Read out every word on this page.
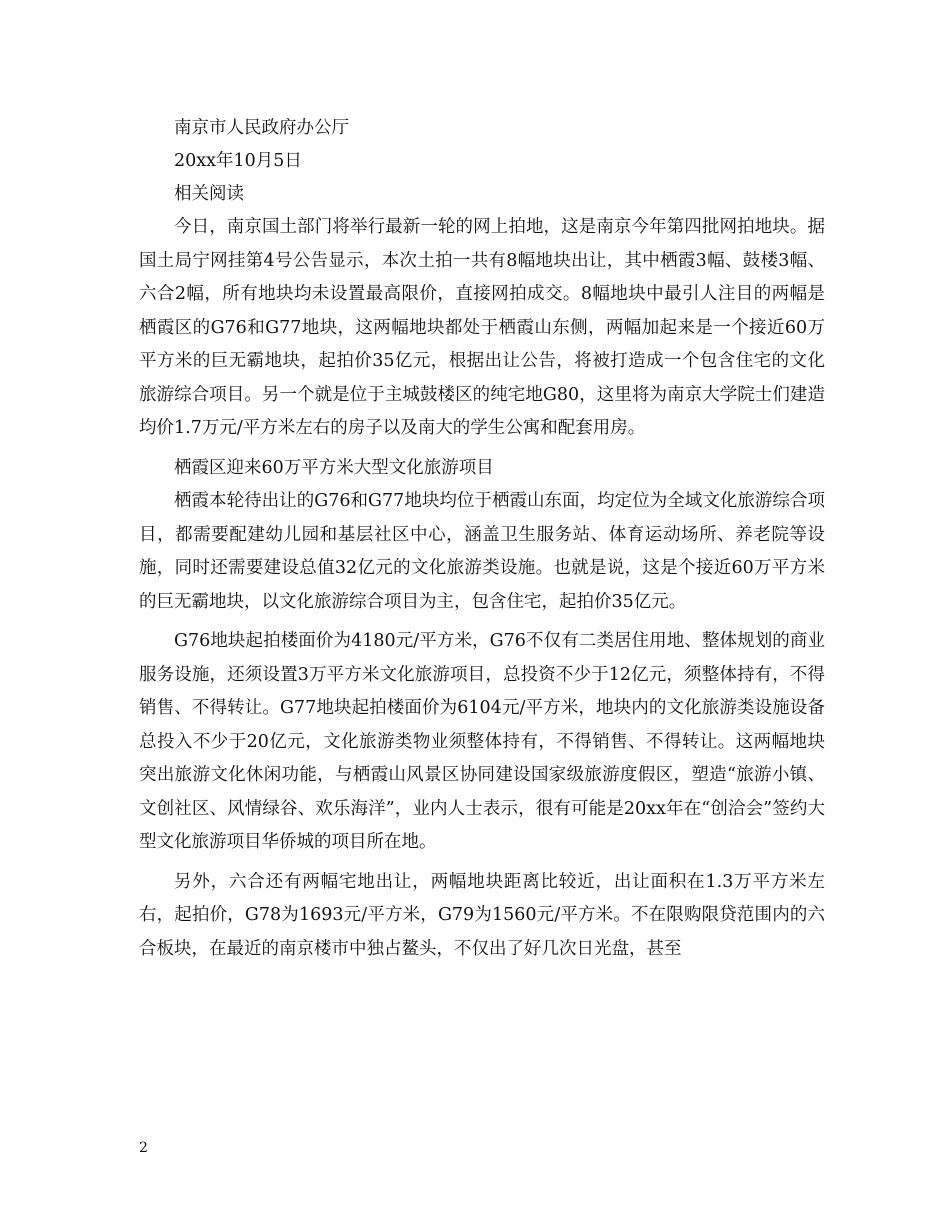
南京市人民政府办公厅

20xx年10月5日

相关阅读

今日，南京国土部门将举行最新一轮的网上拍地，这是南京今年第四批网拍地块。据国土局宁网挂第4号公告显示，本次土拍一共有8幅地块出让，其中栖霞3幅、鼓楼3幅、六合2幅，所有地块均未设置最高限价，直接网拍成交。8幅地块中最引人注目的两幅是栖霞区的G76和G77地块，这两幅地块都处于栖霞山东侧，两幅加起来是一个接近60万平方米的巨无霸地块，起拍价35亿元，根据出让公告，将被打造成一个包含住宅的文化旅游综合项目。另一个就是位于主城鼓楼区的纯宅地G80，这里将为南京大学院士们建造均价1.7万元/平方米左右的房子以及南大的学生公寓和配套用房。

栖霞区迎来60万平方米大型文化旅游项目

栖霞本轮待出让的G76和G77地块均位于栖霞山东面，均定位为全域文化旅游综合项目，都需要配建幼儿园和基层社区中心，涵盖卫生服务站、体育运动场所、养老院等设施，同时还需要建设总值32亿元的文化旅游类设施。也就是说，这是个接近60万平方米的巨无霸地块，以文化旅游综合项目为主，包含住宅，起拍价35亿元。

G76地块起拍楼面价为4180元/平方米，G76不仅有二类居住用地、整体规划的商业服务设施，还须设置3万平方米文化旅游项目，总投资不少于12亿元，须整体持有，不得销售、不得转让。G77地块起拍楼面价为6104元/平方米，地块内的文化旅游类设施设备总投入不少于20亿元，文化旅游类物业须整体持有，不得销售、不得转让。这两幅地块突出旅游文化休闲功能，与栖霞山风景区协同建设国家级旅游度假区，塑造“旅游小镇、文创社区、风情绿谷、欢乐海洋”，业内人士表示，很有可能是20xx年在“创洽会”签约大型文化旅游项目华侨城的项目所在地。

另外，六合还有两幅宅地出让，两幅地块距离比较近，出让面积在1.3万平方米左右，起拍价，G78为1693元/平方米，G79为1560元/平方米。不在限购限贷范围内的六合板块，在最近的南京楼市中独占鳌头，不仅出了好几次日光盘，甚至

2
